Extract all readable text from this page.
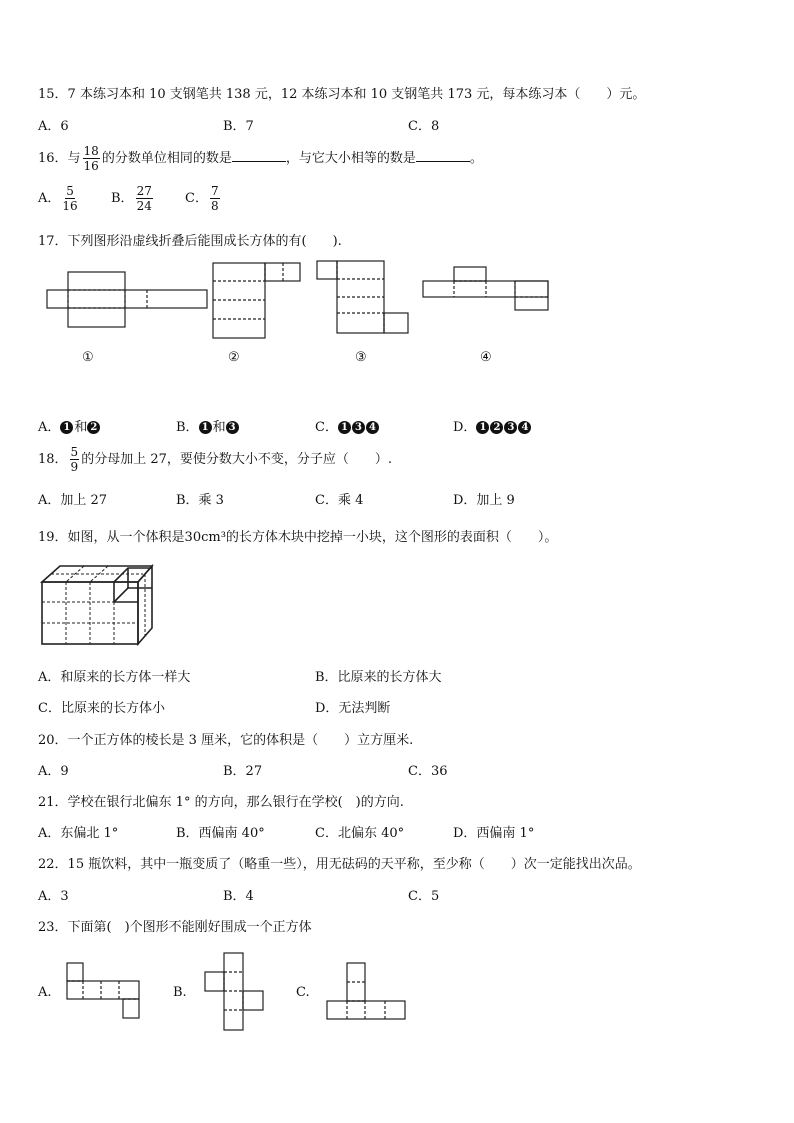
15．7 本练习本和 10 支钢笔共 138 元，12 本练习本和 10 支钢笔共 173 元，每本练习本（　　）元。
A．6	B．7	C．8
16．与 $\frac{18}{16}$ 的分数单位相同的数是	，与它大小相等的数是	。
A． $\frac{5}{16}$	B． $\frac{27}{24}$ C． $\frac{7}{8}$
17．下列图形沿虚线折叠后能围成长方体的有(　　).
①	②	③	④
A． 1 和 2	B． 1 和 3	C． 1 3 4	D． 1 2 3 4
18． $\frac{5}{9}$ 的分母加上 27，要使分数大小不变，分子应（　　）.
A．加上 27	B．乘 3	C．乘 4	D．加上 9
19．如图，从一个体积是30cm³的长方体木块中挖掉一小块，这个图形的表面积（　　）。
A．和原来的长方体一样大	B．比原来的长方体大
C．比原来的长方体小	D．无法判断
20．一个正方体的棱长是 3 厘米，它的体积是（　　）立方厘米.
A．9	B．27	C．36
21．学校在银行北偏东 1° 的方向，那么银行在学校(　)的方向.
A．东偏北 1°	B．西偏南 40°	C．北偏东 40°	D．西偏南 1°
22．15 瓶饮料，其中一瓶变质了（略重一些），用无砝码的天平称，至少称（　　）次一定能找出次品。
A．3	B．4	C．5
23．下面第(　)个图形不能刚好围成一个正方体
A.	B.	C.
